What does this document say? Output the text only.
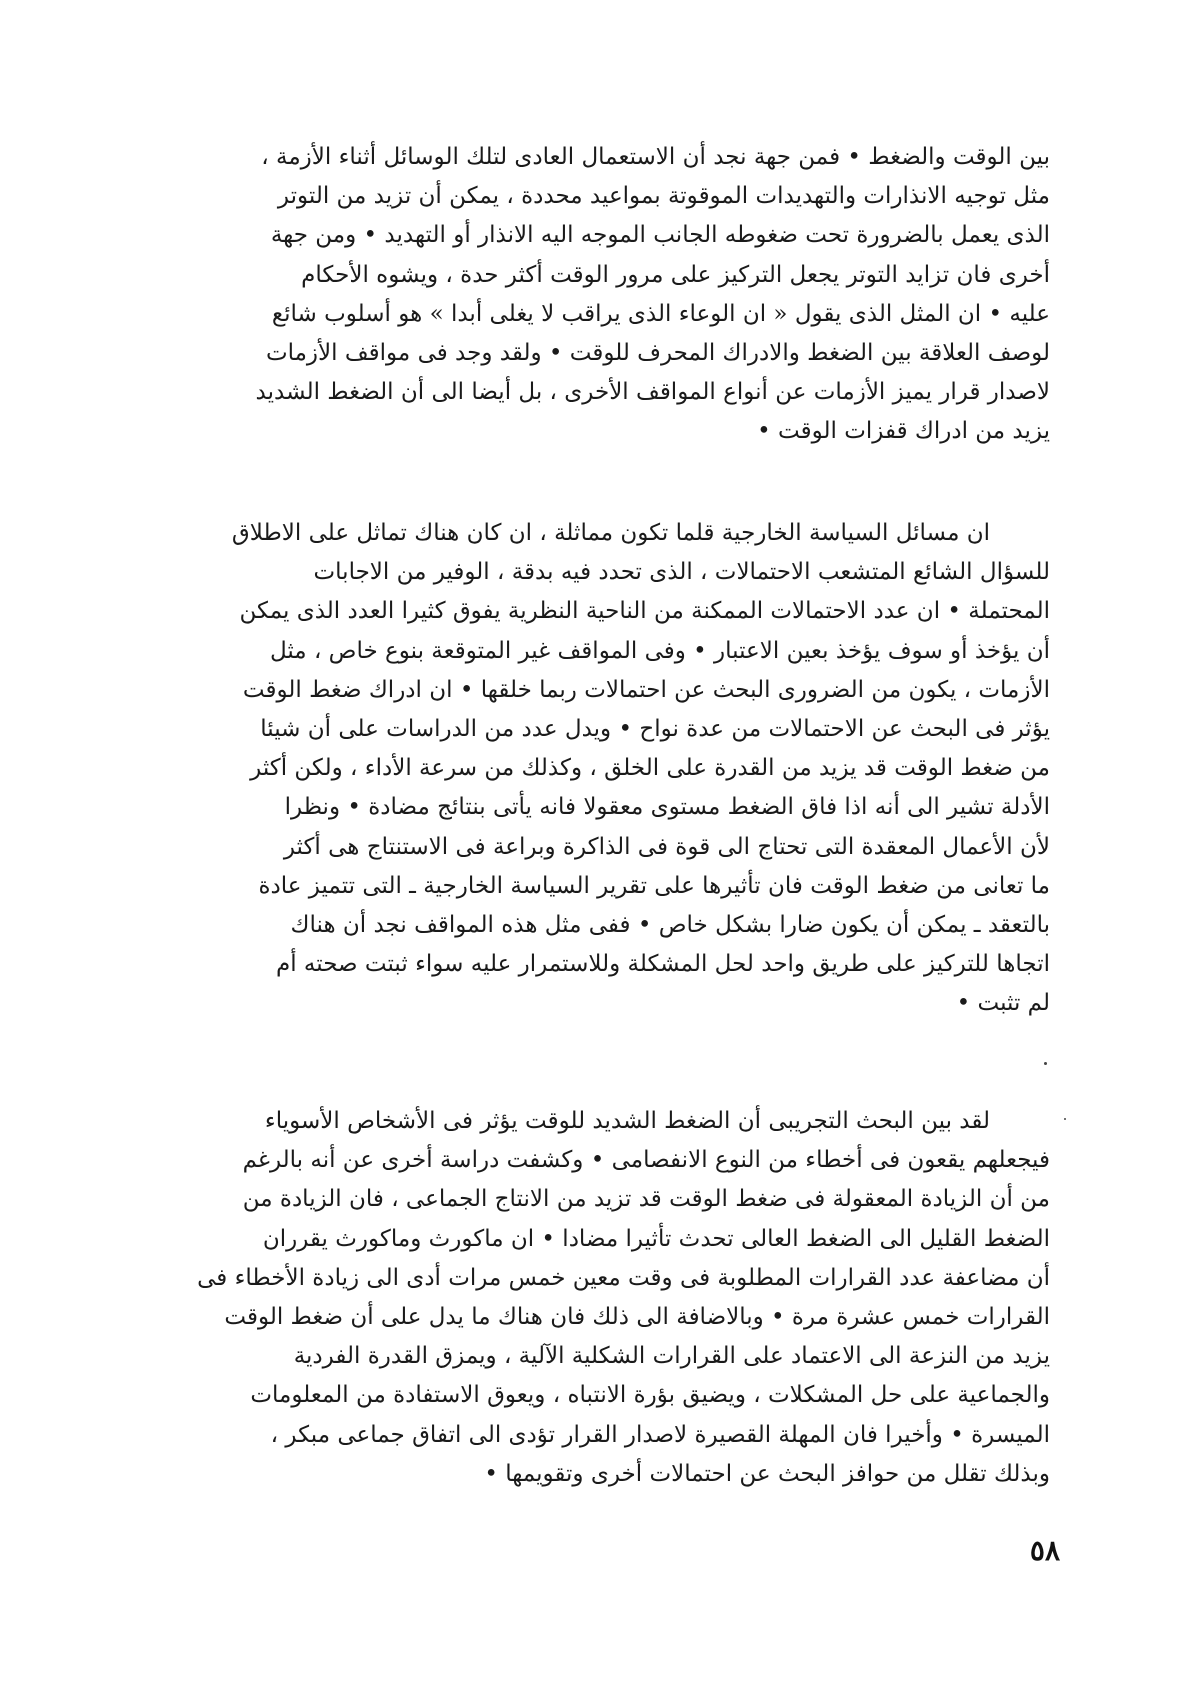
بين الوقت والضغط • فمن جهة نجد أن الاستعمال العادى لتلك الوسائل أثناء الأزمة ،
مثل توجيه الانذارات والتهديدات الموقوتة بمواعيد محددة ، يمكن أن تزيد من التوتر
الذى يعمل بالضرورة تحت ضغوطه الجانب الموجه اليه الانذار أو التهديد • ومن جهة
أخرى فان تزايد التوتر يجعل التركيز على مرور الوقت أكثر حدة ، ويشوه الأحكام
عليه • ان المثل الذى يقول « ان الوعاء الذى يراقب لا يغلى أبدا » هو أسلوب شائع
لوصف العلاقة بين الضغط والادراك المحرف للوقت • ولقد وجد فى مواقف الأزمات
لاصدار قرار يميز الأزمات عن أنواع المواقف الأخرى ، بل أيضا الى أن الضغط الشديد
يزيد من ادراك قفزات الوقت •
ان مسائل السياسة الخارجية قلما تكون مماثلة ، ان كان هناك تماثل على الاطلاق
للسؤال الشائع المتشعب الاحتمالات ، الذى تحدد فيه بدقة ، الوفير من الاجابات
المحتملة • ان عدد الاحتمالات الممكنة من الناحية النظرية يفوق كثيرا العدد الذى يمكن
أن يؤخذ أو سوف يؤخذ بعين الاعتبار • وفى المواقف غير المتوقعة بنوع خاص ، مثل
الأزمات ، يكون من الضرورى البحث عن احتمالات ربما خلقها • ان ادراك ضغط الوقت
يؤثر فى البحث عن الاحتمالات من عدة نواح • ويدل عدد من الدراسات على أن شيئا
من ضغط الوقت قد يزيد من القدرة على الخلق ، وكذلك من سرعة الأداء ، ولكن أكثر
الأدلة تشير الى أنه اذا فاق الضغط مستوى معقولا فانه يأتى بنتائج مضادة • ونظرا
لأن الأعمال المعقدة التى تحتاج الى قوة فى الذاكرة وبراعة فى الاستنتاج هى أكثر
ما تعانى من ضغط الوقت فان تأثيرها على تقرير السياسة الخارجية ـ التى تتميز عادة
بالتعقد ـ يمكن أن يكون ضارا بشكل خاص • ففى مثل هذه المواقف نجد أن هناك
اتجاها للتركيز على طريق واحد لحل المشكلة وللاستمرار عليه سواء ثبتت صحته أم
لم تثبت •
لقد بين البحث التجريبى أن الضغط الشديد للوقت يؤثر فى الأشخاص الأسوياء
فيجعلهم يقعون فى أخطاء من النوع الانفصامى • وكشفت دراسة أخرى عن أنه بالرغم
من أن الزيادة المعقولة فى ضغط الوقت قد تزيد من الانتاج الجماعى ، فان الزيادة من
الضغط القليل الى الضغط العالى تحدث تأثيرا مضادا • ان ماكورث وماكورث يقرران
أن مضاعفة عدد القرارات المطلوبة فى وقت معين خمس مرات أدى الى زيادة الأخطاء فى
القرارات خمس عشرة مرة • وبالاضافة الى ذلك فان هناك ما يدل على أن ضغط الوقت
يزيد من النزعة الى الاعتماد على القرارات الشكلية الآلية ، ويمزق القدرة الفردية
والجماعية على حل المشكلات ، ويضيق بؤرة الانتباه ، ويعوق الاستفادة من المعلومات
الميسرة • وأخيرا فان المهلة القصيرة لاصدار القرار تؤدى الى اتفاق جماعى مبكر ،
وبذلك تقلل من حوافز البحث عن احتمالات أخرى وتقويمها •
٥٨
